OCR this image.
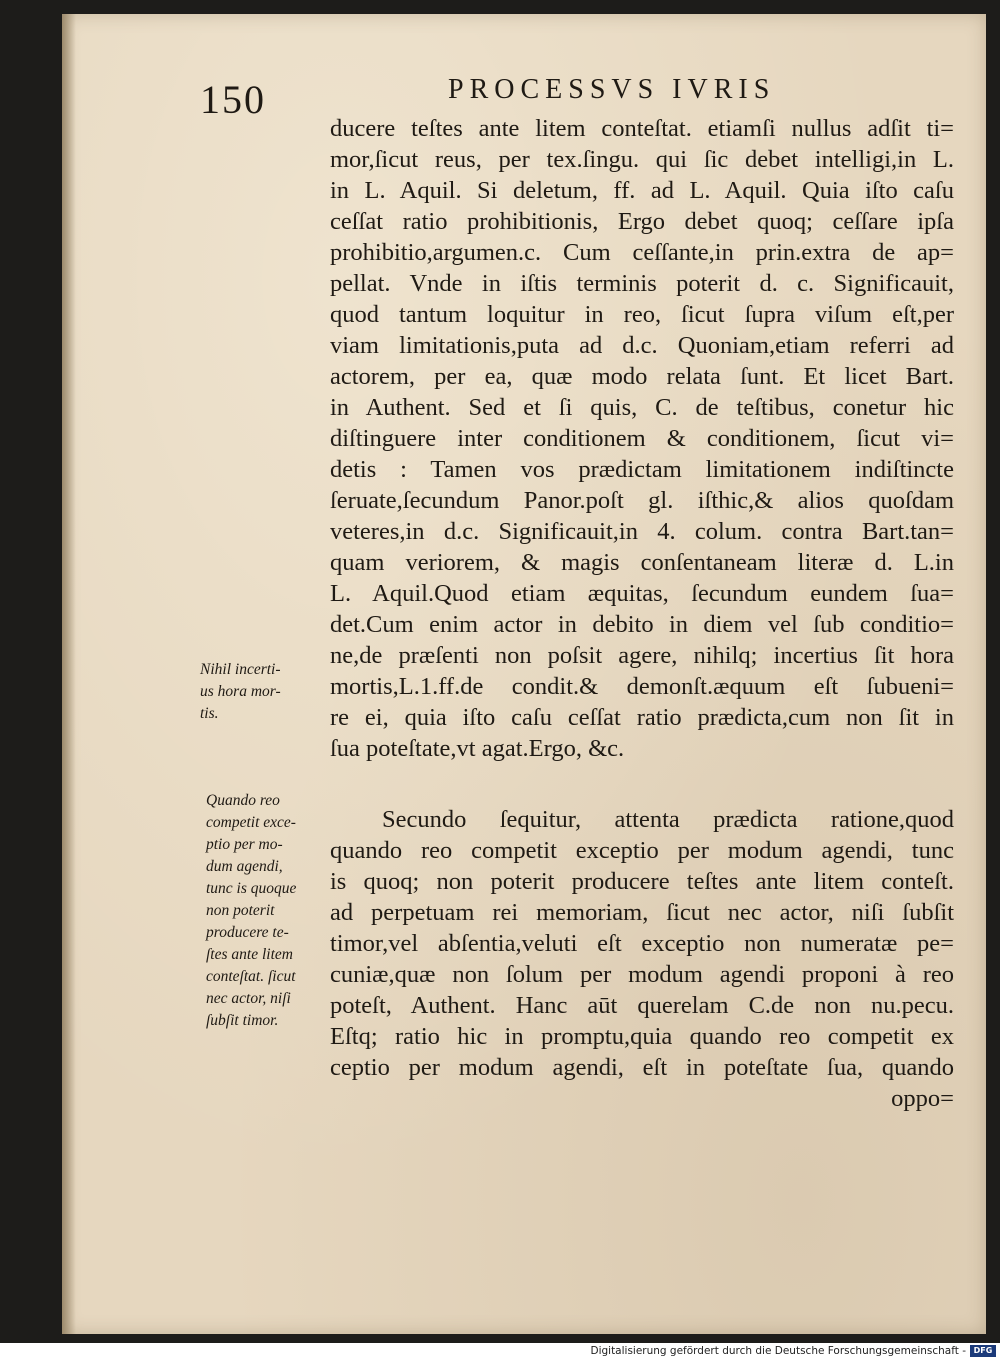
150	PROCESSVS IVRIS

ducere teſtes ante litem conteſtat. etiamſi nullus adſit ti=
mor,ſicut reus, per tex.ſingu. qui ſic debet intelligi,in L.
in L. Aquil. Si deletum, ff. ad L. Aquil. Quia iſto caſu
ceſſat ratio prohibitionis, Ergo debet quoq; ceſſare ipſa
prohibitio,argumen.c. Cum ceſſante,in prin.extra de ap=
pellat. Vnde in iſtis terminis poterit d. c. Significauit,
quod tantum loquitur in reo, ſicut ſupra viſum eſt,per
viam limitationis,puta ad d.c. Quoniam,etiam referri ad
actorem, per ea, quæ modo relata ſunt. Et licet Bart.
in Authent. Sed et ſi quis, C. de teſtibus, conetur hic
diſtinguere inter conditionem & conditionem, ſicut vi=
detis : Tamen vos prædictam limitationem indiſtincte
ſeruate,ſecundum Panor.poſt gl. iſthic,& alios quoſdam
veteres,in d.c. Significauit,in 4. colum. contra Bart.tan=
quam veriorem, & magis conſentaneam literæ d. L.in
L. Aquil.Quod etiam æquitas, ſecundum eundem ſua=
det.Cum enim actor in debito in diem vel ſub conditio=
ne,de præſenti non poſsit agere, nihilq; incertius ſit hora
mortis,L.1.ff.de condit.& demonſt.æquum eſt ſubueni=
re ei, quia iſto caſu ceſſat ratio prædicta,cum non ſit in
ſua poteſtate,vt agat.Ergo, &c.
Secundo ſequitur, attenta prædicta ratione,quod
quando reo competit exceptio per modum agendi, tunc
is quoq; non poterit producere teſtes ante litem conteſt.
ad perpetuam rei memoriam, ſicut nec actor, niſi ſubſit
timor,vel abſentia,veluti eſt exceptio non numeratæ pe=
cuniæ,quæ non ſolum per modum agendi proponi à reo
poteſt, Authent. Hanc aūt querelam C.de non nu.pecu.
Eſtq; ratio hic in promptu,quia quando reo competit ex
ceptio per modum agendi, eſt in poteſtate ſua, quando
oppo=
Nihil incerti-
us hora mor-
tis.
Quando reo
competit exce-
ptio per mo-
dum agendi,
tunc is quoque
non poterit
producere te-
ſtes ante litem
conteſtat. ſicut
nec actor, niſi
ſubſit timor.

Digitalisierung gefördert durch die Deutsche Forschungsgemeinschaft - DFG
